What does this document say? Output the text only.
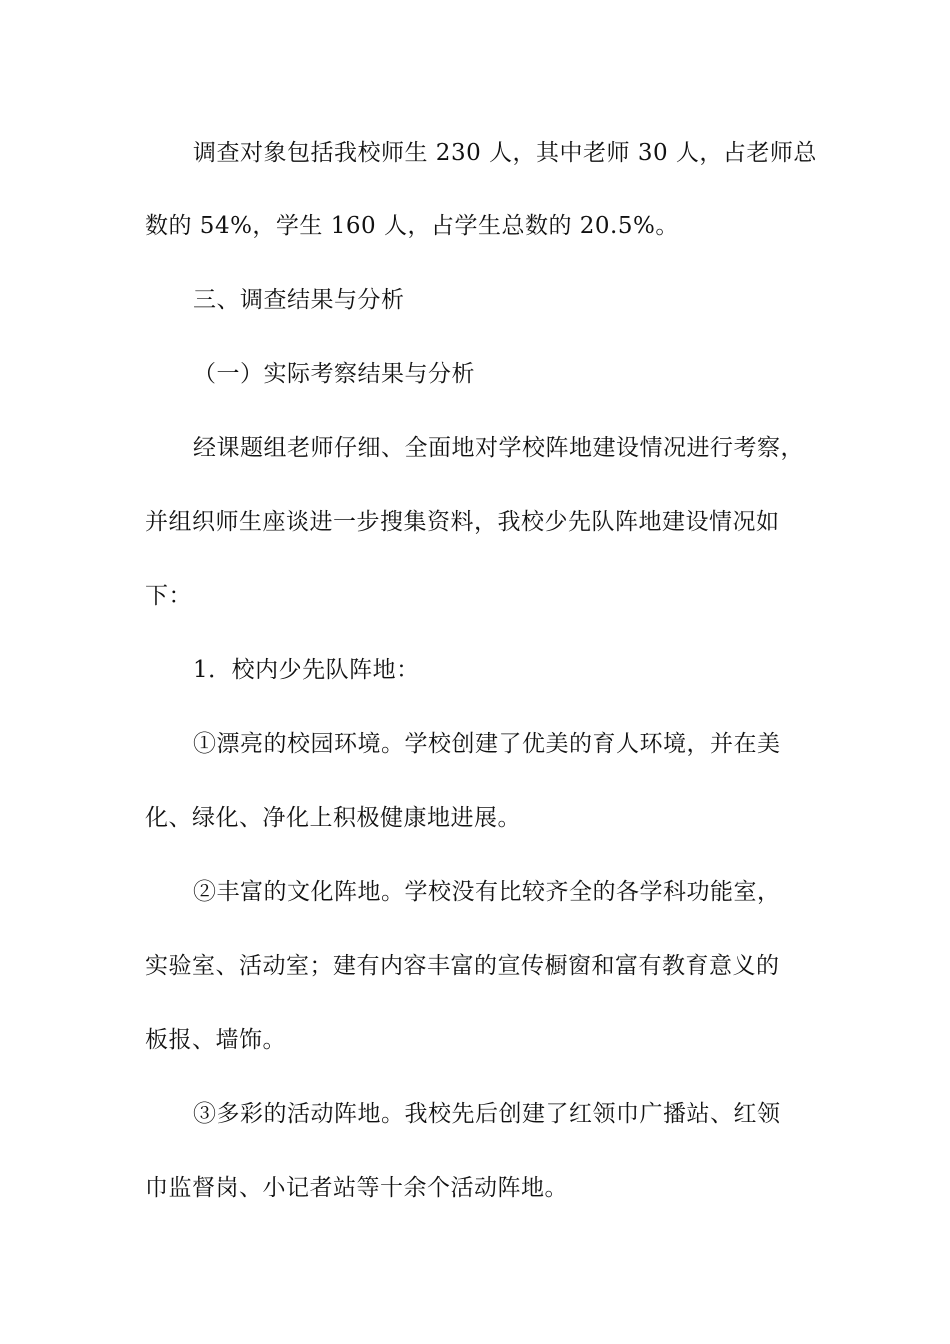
调查对象包括我校师生 230 人，其中老师 30 人，占老师总
数的 54%，学生 160 人，占学生总数的 20.5%。
三、调查结果与分析
（一）实际考察结果与分析
经课题组老师仔细、全面地对学校阵地建设情况进行考察，
并组织师生座谈进一步搜集资料，我校少先队阵地建设情况如
下：
1．校内少先队阵地：
①漂亮的校园环境。学校创建了优美的育人环境，并在美
化、绿化、净化上积极健康地进展。
②丰富的文化阵地。学校没有比较齐全的各学科功能室，
实验室、活动室；建有内容丰富的宣传橱窗和富有教育意义的
板报、墙饰。
③多彩的活动阵地。我校先后创建了红领巾广播站、红领
巾监督岗、小记者站等十余个活动阵地。
